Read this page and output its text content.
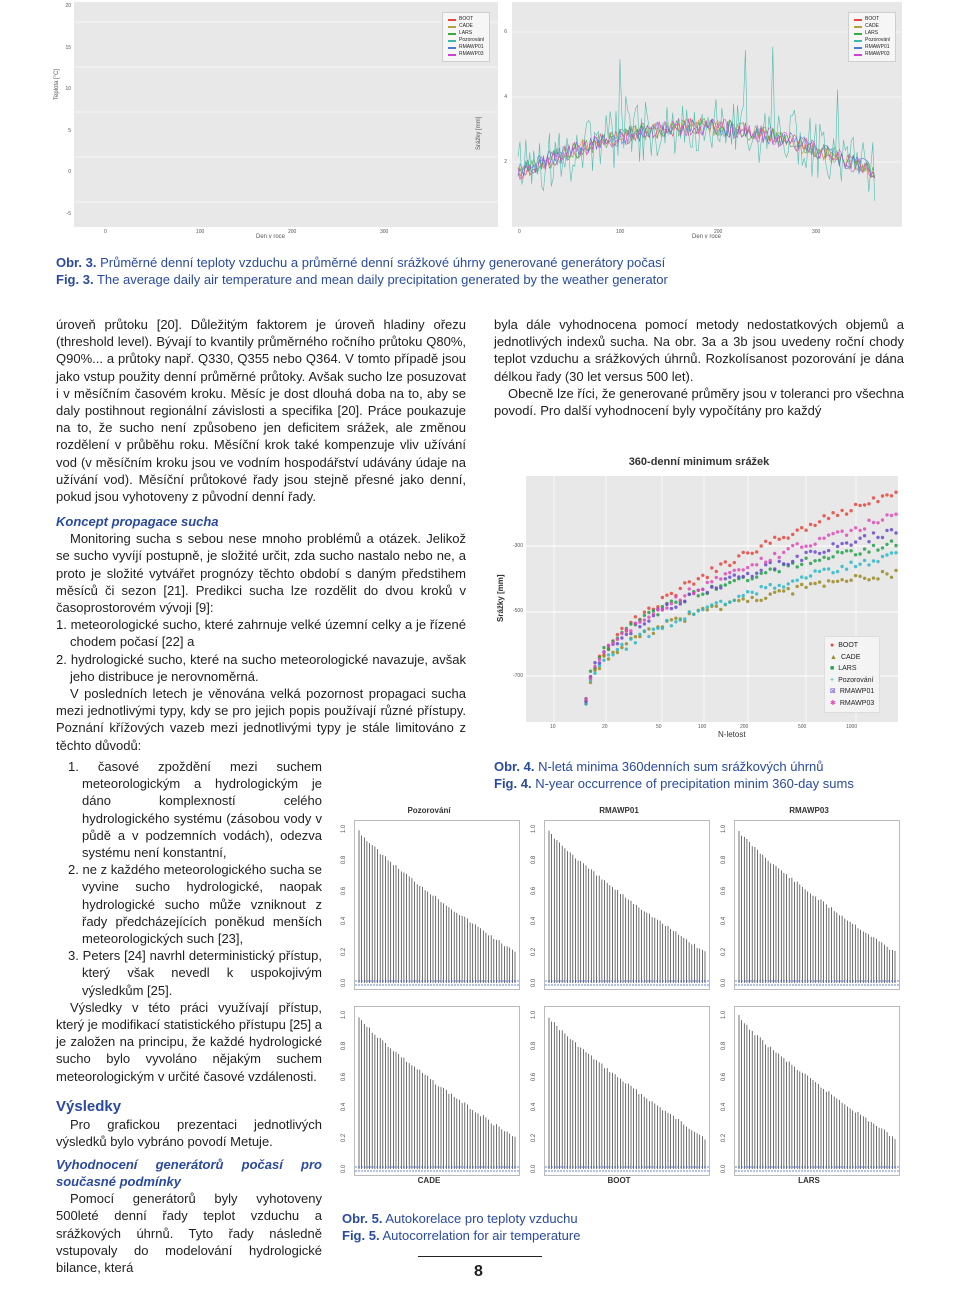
BOOT
CADE
LARS
Pozorování
RMAWP01
RMAWP03
Teplota [°C]
20
15
10
5
0
-5
0	100	200	300
Den v roce
BOOT
CADE
LARS
Pozorování
RMAWP01
RMAWP03
Srážky [mm]
6
4
2
0	100	200	300
Den v roce
Obr. 3. Průměrné denní teploty vzduchu a průměrné denní srážkové úhrny generované generátory počasí
Fig. 3. The average daily air temperature and mean daily precipitation generated by the weather generator

úroveň průtoku [20]. Důležitým faktorem je úroveň hladiny ořezu (threshold level). Bývají to kvantily průměrného ročního průtoku Q80%, Q90%... a průtoky např. Q330, Q355 nebo Q364. V tomto případě jsou jako vstup použity denní průměrné průtoky. Avšak sucho lze posuzovat i v měsíčním časovém kroku. Měsíc je dost dlouhá doba na to, aby se daly postihnout regionální závislosti a specifika [20]. Práce poukazuje na to, že sucho není způsobeno jen deficitem srážek, ale změnou rozdělení v průběhu roku. Měsíční krok také kompenzuje vliv užívání vod (v měsíčním kroku jsou ve vodním hospodářství udávány údaje na užívání vod). Měsíční průtokové řady jsou stejně přesné jako denní, pokud jsou vyhotoveny z původní denní řady.

Koncept propagace sucha

Monitoring sucha s sebou nese mnoho problémů a otázek. Jelikož se sucho vyvíjí postupně, je složité určit, zda sucho nastalo nebo ne, a proto je složité vytvářet prognózy těchto období s daným předstihem měsíců či sezon [21]. Predikci sucha lze rozdělit do dvou kroků v časoprostorovém vývoji [9]:

1. meteorologické sucho, které zahrnuje velké územní celky a je řízené chodem počasí [22] a

2. hydrologické sucho, které na sucho meteorologické navazuje, avšak jeho distribuce je nerovnoměrná.

V posledních letech je věnována velká pozornost propagaci sucha mezi jednotlivými typy, kdy se pro jejich popis používají různé přístupy. Poznání křížových vazeb mezi jednotlivými typy je stále limitováno z těchto důvodů:

1. časové zpoždění mezi suchem meteorologickým a hydrologickým je dáno komplexností celého hydrologického systému (zásobou vody v půdě a v podzemních vodách), odezva systému není konstantní,

2. ne z každého meteorologického sucha se vyvine sucho hydrologické, naopak hydrologické sucho může vzniknout z řady předcházejících poněkud menších meteorologických such [23],

3. Peters [24] navrhl deterministický přístup, který však nevedl k uspokojivým výsledkům [25].

Výsledky v této práci využívají přístup, který je modifikací statistického přístupu [25] a je založen na principu, že každé hydrologické sucho bylo vyvoláno nějakým suchem meteorologickým v určité časové vzdálenosti.

Výsledky

Pro grafickou prezentaci jednotlivých výsledků bylo vybráno povodí Metuje.

Vyhodnocení generátorů počasí pro současné podmínky

Pomocí generátorů byly vyhotoveny 500leté denní řady teplot vzduchu a srážkových úhrnů. Tyto řady následně vstupovaly do modelování hydrologické bilance, která

byla dále vyhodnocena pomocí metody nedostatkových objemů a jednotlivých indexů sucha. Na obr. 3a a 3b jsou uvedeny roční chody teplot vzduchu a srážkových úhrnů. Rozkolísanost pozorování je dána délkou řady (30 let versus 500 let).

Obecně lze říci, že generované průměry jsou v toleranci pro všechna povodí. Pro další vyhodnocení byly vypočítány pro každý

360-denní minimum srážek
● BOOT
▲ CADE
■ LARS
+ Pozorování
⊠ RMAWP01
✱ RMAWP03
Srážky [mm]
-300
-500
-700
10	20	50	100	200	500	1000
N-letost
Obr. 4. N-letá minima 360denních sum srážkových úhrnů
Fig. 4. N-year occurrence of precipitation minim 360-day sums
Pozorování
1.0
0.8
0.6
0.4
0.2
0.0
RMAWP01
1.0
0.8
0.6
0.4
0.2
0.0
RMAWP03
1.0
0.8
0.6
0.4
0.2
0.0
CADE
1.0
0.8
0.6
0.4
0.2
0.0
BOOT
1.0
0.8
0.6
0.4
0.2
0.0
LARS
1.0
0.8
0.6
0.4
0.2
0.0
Obr. 5. Autokorelace pro teploty vzduchu
Fig. 5. Autocorrelation for air temperature
8
